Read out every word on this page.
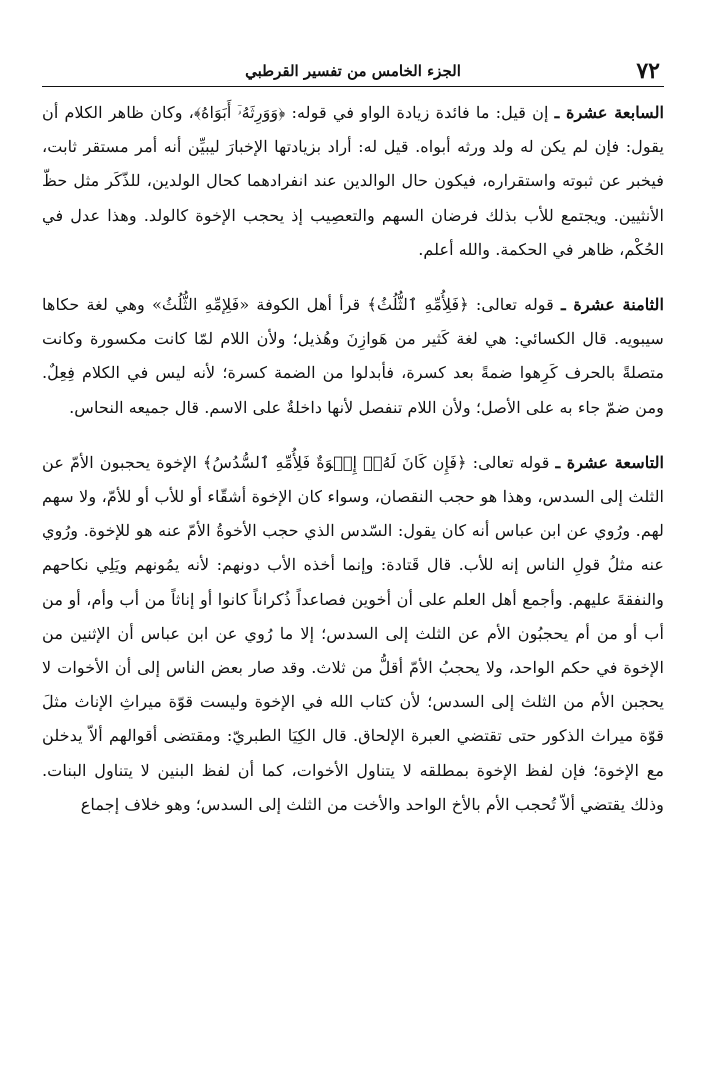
٧٢
الجزء الخامس من تفسير القرطبي

السابعة عشرة ـ إن قيل: ما فائدة زيادة الواو في قوله: ﴿وَوَرِثَهُۥٓ أَبَوَاهُ﴾، وكان ظاهر الكلام أن يقول: فإن لم يكن له ولد ورثه أبواه. قيل له: أراد بزيادتها الإخبارَ ليبيِّن أنه أمر مستقر ثابت، فيخبر عن ثبوته واستقراره، فيكون حال الوالدين عند انفرادهما كحال الولدين، للذّكَر مثل حظّ الأنثيين. ويجتمع للأب بذلك فرضان السهم والتعصِيب إذ يحجب الإخوة كالولد. وهذا عدل في الحُكْم، ظاهر في الحكمة. والله أعلم.

الثامنة عشرة ـ قوله تعالى: ﴿فَلِأُمِّهِ ٱلثُّلُثُ﴾ قرأ أهل الكوفة «فَلِإمِّهِ الثُّلُثُ» وهي لغة حكاها سيبويه. قال الكسائي: هي لغة كَثير من هَوازِنَ وهُذيل؛ ولأن اللام لمّا كانت مكسورة وكانت متصلةً بالحرف كَرِهوا ضمةً بعد كسرة، فأبدلوا من الضمة كسرة؛ لأنه ليس في الكلام فِعِلٌ. ومن ضمّ جاء به على الأصل؛ ولأن اللام تنفصل لأنها داخلةٌ على الاسم. قال جميعه النحاس.

التاسعة عشرة ـ قوله تعالى: ﴿فَإِن كَانَ لَهُۥٓ إِخۡوَةٌ فَلِأُمِّهِ ٱلسُّدُسُ﴾ الإخوة يحجبون الأمّ عن الثلث إلى السدس، وهذا هو حجب النقصان، وسواء كان الإخوة أشقّاء أو للأب أو للأمّ، ولا سهم لهم. ورُوي عن ابن عباس أنه كان يقول: السّدس الذي حجب الأخوةُ الأمّ عنه هو للإخوة. ورُوي عنه مثلُ قولِ الناس إنه للأب. قال قَتادة: وإنما أخذه الأب دونهم: لأنه يمُونهم ويَلِي نكاحهم والنفقةَ عليهم. وأجمع أهل العلم على أن أخوين فصاعداً ذُكراناً كانوا أو إناثاً من أب وأم، أو من أب أو من أم يحجبُون الأم عن الثلث إلى السدس؛ إلا ما رُوي عن ابن عباس أن الإثنين من الإخوة في حكم الواحد، ولا يحجبُ الأمّ أقلُّ من ثلاث. وقد صار بعض الناس إلى أن الأخوات لا يحجبن الأم من الثلث إلى السدس؛ لأن كتاب الله في الإخوة وليست قوّة ميراثِ الإناث مثلَ قوّة ميراث الذكور حتى تقتضي العبرة الإلحاق. قال الكِيَا الطبريّ: ومقتضى أقوالهم ألاّ يدخلن مع الإخوة؛ فإن لفظ الإخوة بمطلقه لا يتناول الأخوات، كما أن لفظ البنين لا يتناول البنات. وذلك يقتضي ألاّ تُحجب الأم بالأخ الواحد والأخت من الثلث إلى السدس؛ وهو خلاف إجماع
